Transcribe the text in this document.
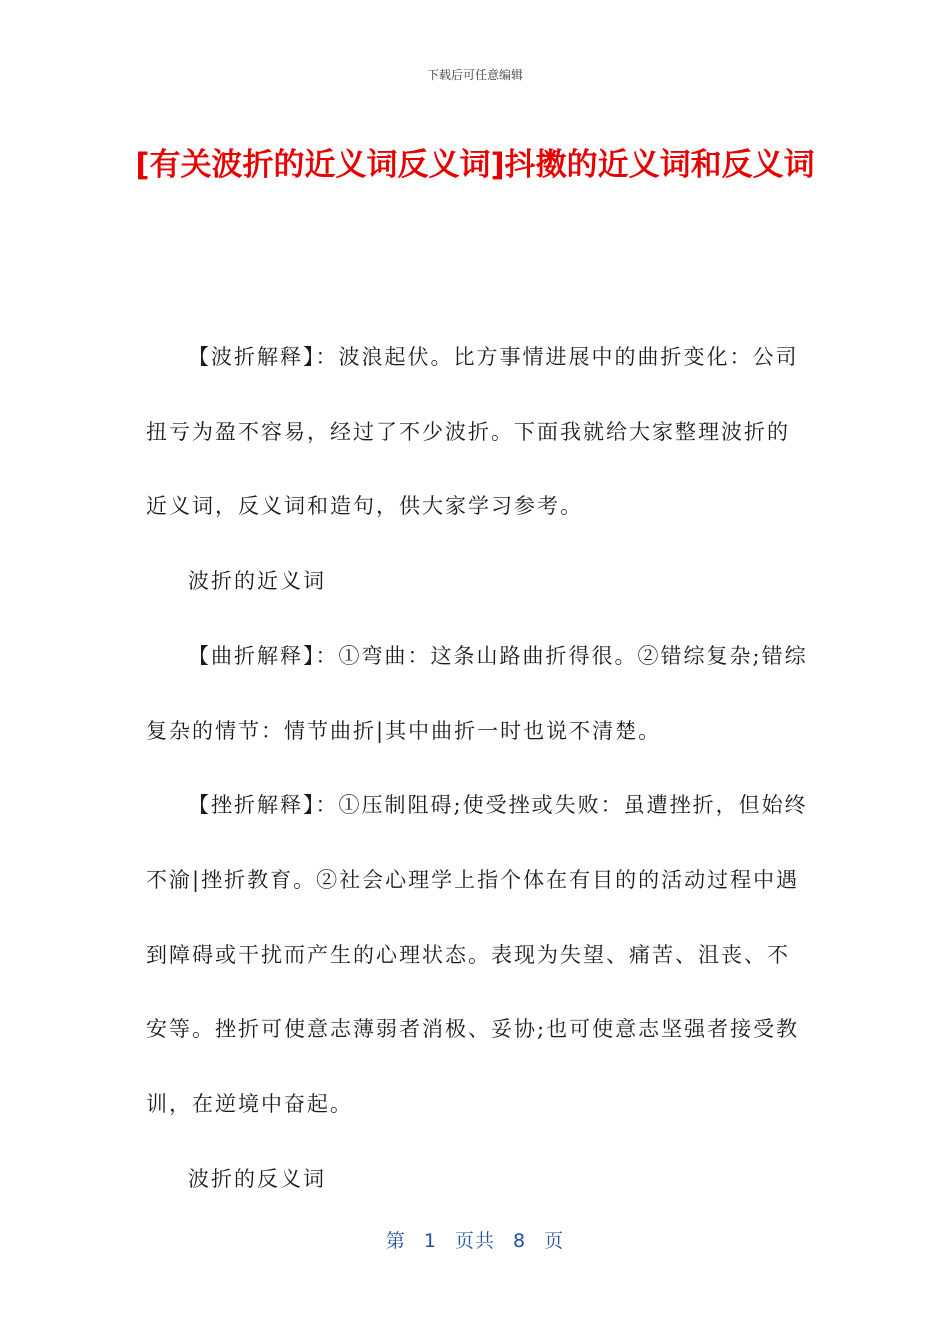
下载后可任意编辑
[有关波折的近义词反义词]抖擞的近义词和反义词

【波折解释】：波浪起伏。比方事情进展中的曲折变化：公司扭亏为盈不容易，经过了不少波折。下面我就给大家整理波折的近义词，反义词和造句，供大家学习参考。

波折的近义词

【曲折解释】：①弯曲：这条山路曲折得很。②错综复杂;错综复杂的情节：情节曲折|其中曲折一时也说不清楚。

【挫折解释】：①压制阻碍;使受挫或失败：虽遭挫折，但始终不渝|挫折教育。②社会心理学上指个体在有目的的活动过程中遇到障碍或干扰而产生的心理状态。表现为失望、痛苦、沮丧、不安等。挫折可使意志薄弱者消极、妥协;也可使意志坚强者接受教训，在逆境中奋起。

波折的反义词

第 1 页共 8 页
